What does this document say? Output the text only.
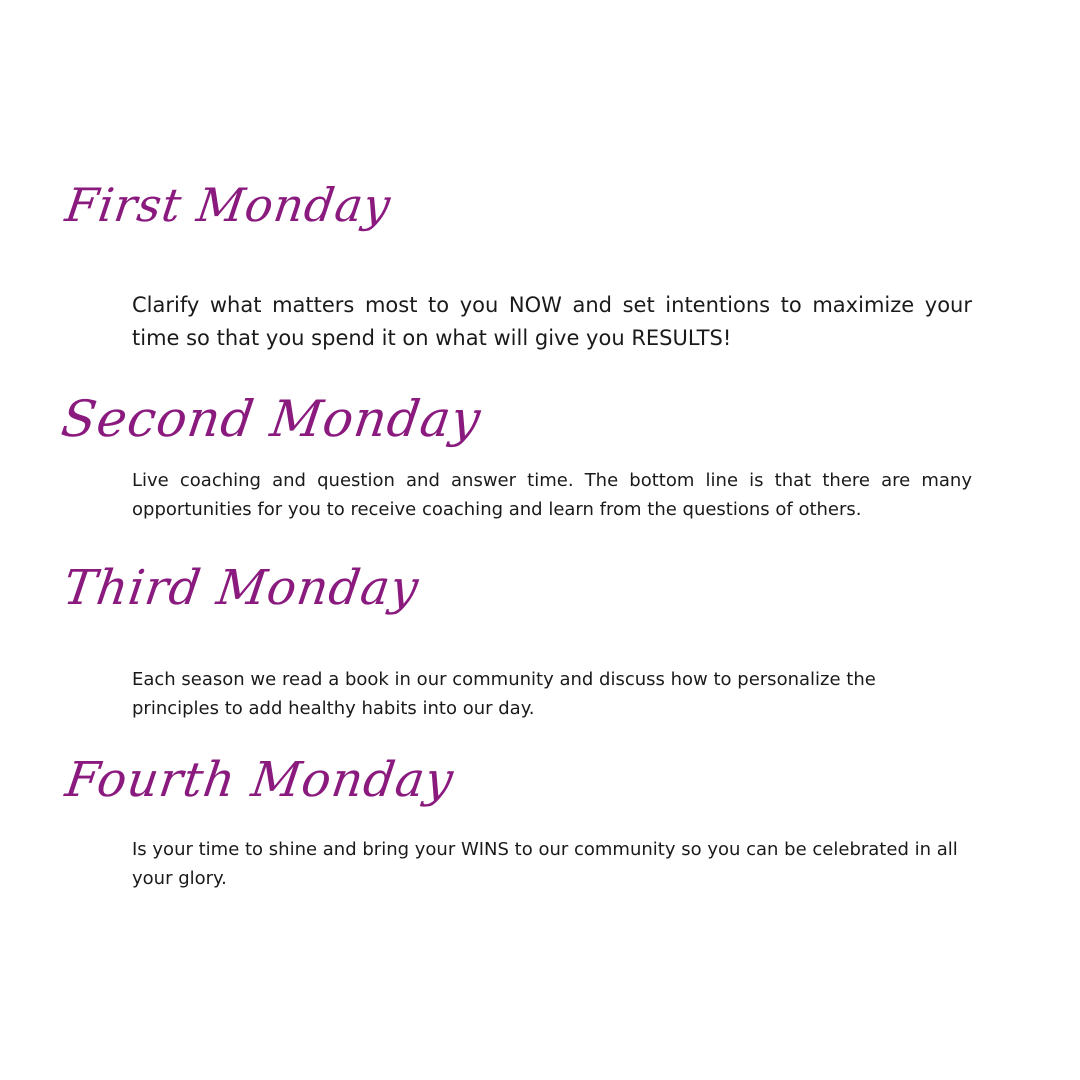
First Monday

Clarify what matters most to you NOW and set intentions to maximize your time so that you spend it on what will give you RESULTS!

Second Monday

Live coaching and question and answer time. The bottom line is that there are many opportunities for you to receive coaching and learn from the questions of others.

Third Monday

Each season we read a book in our community and discuss how to personalize the principles to add healthy habits into our day.

Fourth Monday

Is your time to shine and bring your WINS to our community so you can be celebrated in all your glory.
